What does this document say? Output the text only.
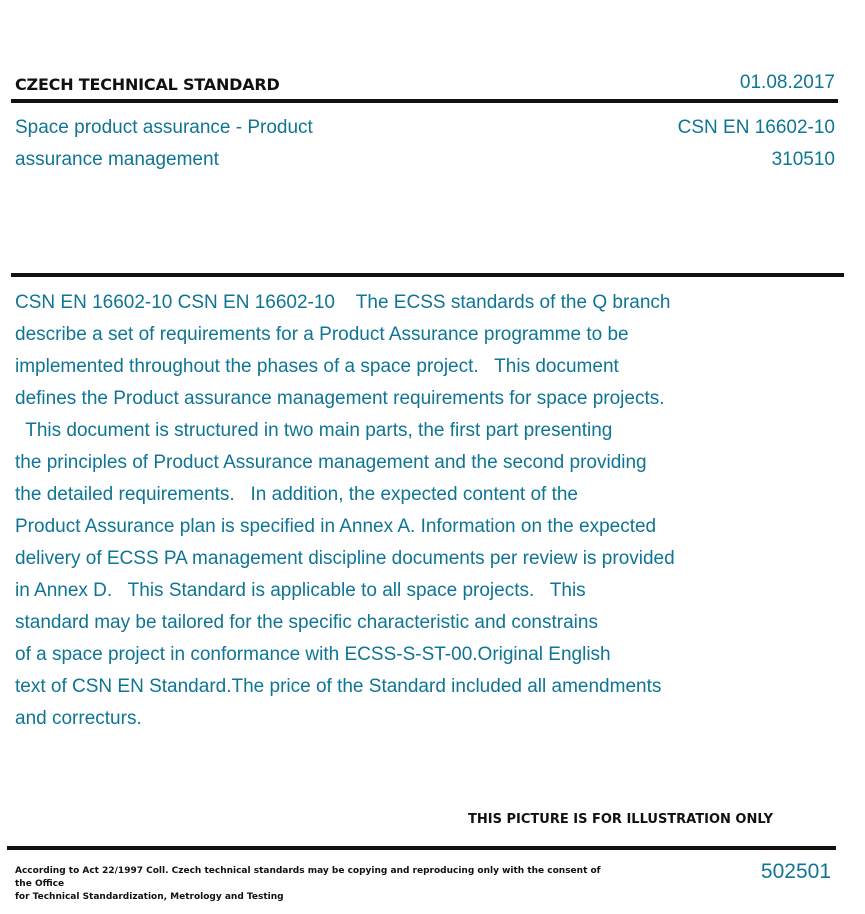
CZECH TECHNICAL STANDARD	01.08.2017
Space product assurance - Product
assurance management
CSN EN 16602-10
310510
CSN EN 16602-10 CSN EN 16602-10    The ECSS standards of the Q branch
describe a set of requirements for a Product Assurance programme to be
implemented throughout the phases of a space project.   This document
defines the Product assurance management requirements for space projects.
This document is structured in two main parts, the first part presenting
the principles of Product Assurance management and the second providing
the detailed requirements.   In addition, the expected content of the
Product Assurance plan is specified in Annex A. Information on the expected
delivery of ECSS PA management discipline documents per review is provided
in Annex D.   This Standard is applicable to all space projects.   This
standard may be tailored for the specific characteristic and constrains
of a space project in conformance with ECSS-S-ST-00.Original English
text of CSN EN Standard.The price of the Standard included all amendments
and correcturs.
THIS PICTURE IS FOR ILLUSTRATION ONLY
According to Act 22/1997 Coll. Czech technical standards may be copying and reproducing only with the consent of the Office
for Technical Standardization, Metrology and Testing
502501
